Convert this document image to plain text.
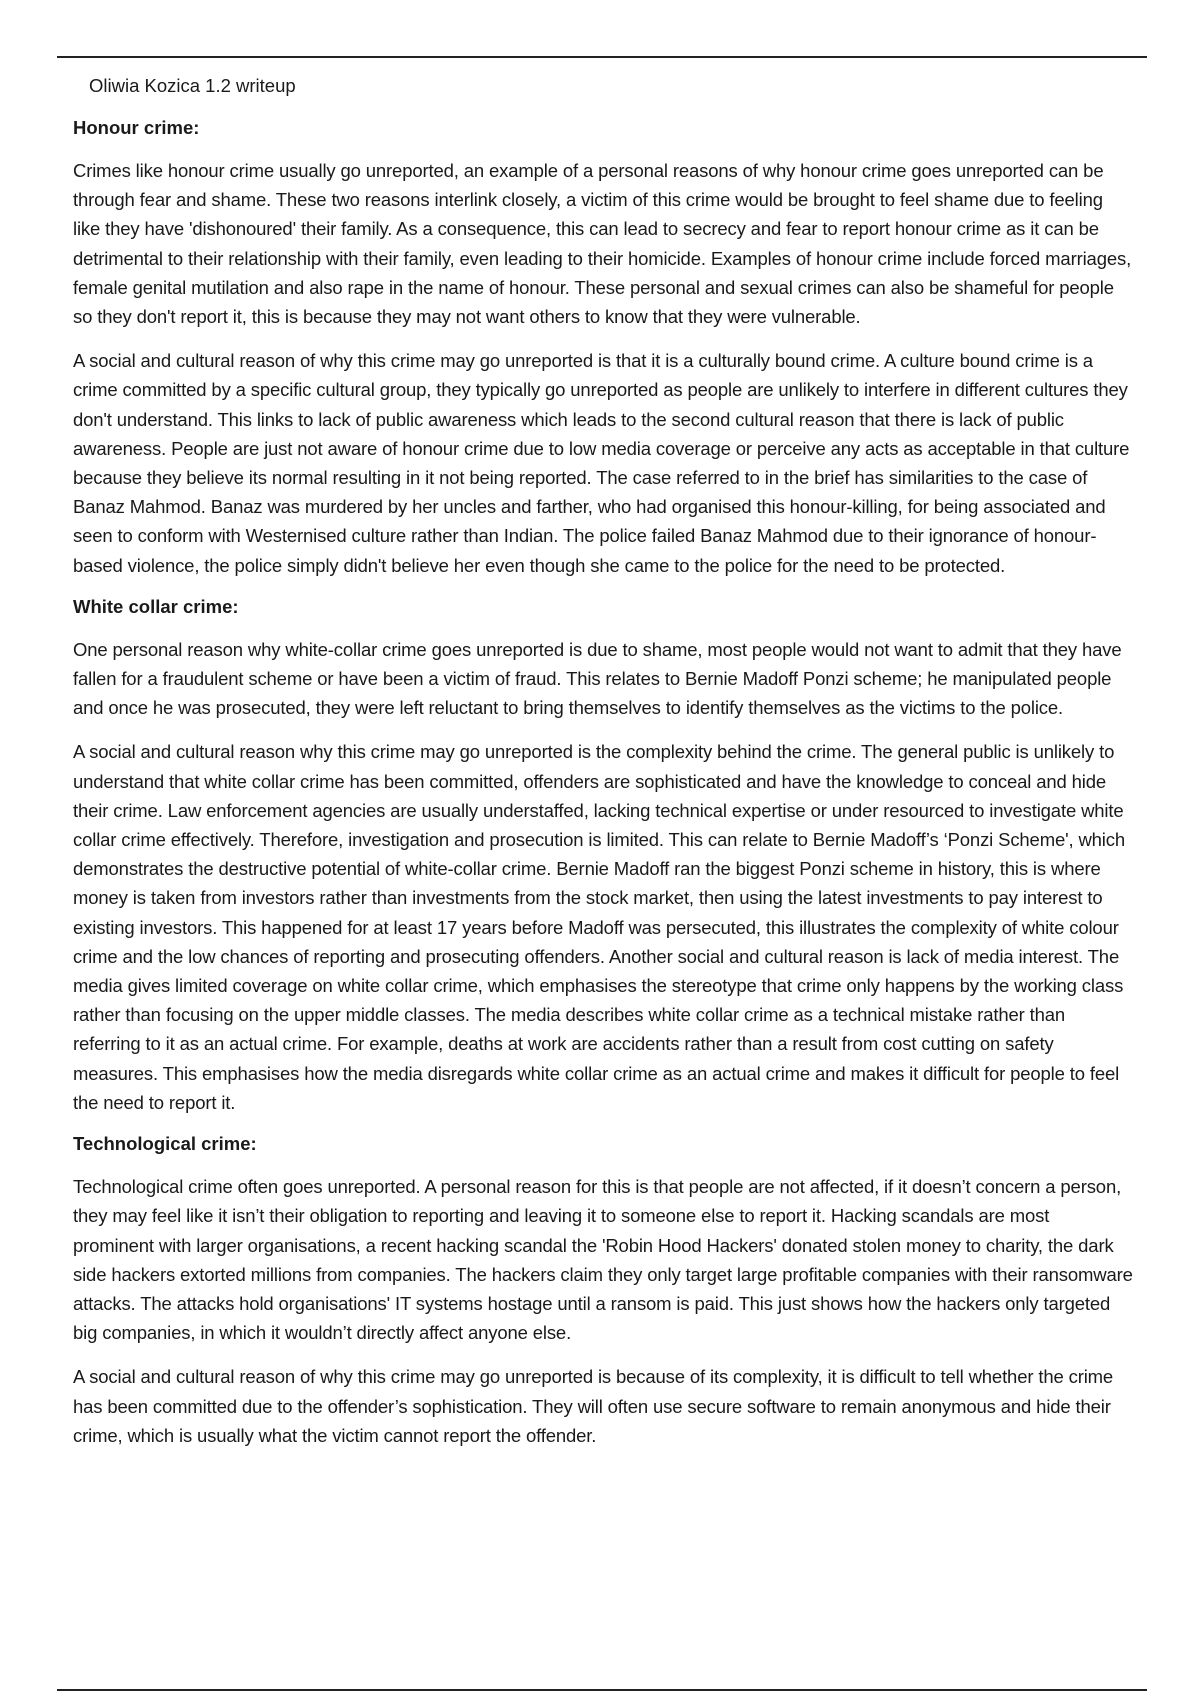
Oliwia Kozica 1.2 writeup
Honour crime:

Crimes like honour crime usually go unreported, an example of a personal reasons of why honour crime goes unreported can be through fear and shame. These two reasons interlink closely, a victim of this crime would be brought to feel shame due to feeling like they have 'dishonoured' their family. As a consequence, this can lead to secrecy and fear to report honour crime as it can be detrimental to their relationship with their family, even leading to their homicide. Examples of honour crime include forced marriages, female genital mutilation and also rape in the name of honour. These personal and sexual crimes can also be shameful for people so they don't report it, this is because they may not want others to know that they were vulnerable.

A social and cultural reason of why this crime may go unreported is that it is a culturally bound crime. A culture bound crime is a crime committed by a specific cultural group, they typically go unreported as people are unlikely to interfere in different cultures they don't understand. This links to lack of public awareness which leads to the second cultural reason that there is lack of public awareness. People are just not aware of honour crime due to low media coverage or perceive any acts as acceptable in that culture because they believe its normal resulting in it not being reported. The case referred to in the brief has similarities to the case of Banaz Mahmod. Banaz was murdered by her uncles and farther, who had organised this honour-killing, for being associated and seen to conform with Westernised culture rather than Indian. The police failed Banaz Mahmod due to their ignorance of honour-based violence, the police simply didn't believe her even though she came to the police for the need to be protected.

White collar crime:

One personal reason why white-collar crime goes unreported is due to shame, most people would not want to admit that they have fallen for a fraudulent scheme or have been a victim of fraud. This relates to Bernie Madoff Ponzi scheme; he manipulated people and once he was prosecuted, they were left reluctant to bring themselves to identify themselves as the victims to the police.

A social and cultural reason why this crime may go unreported is the complexity behind the crime. The general public is unlikely to understand that white collar crime has been committed, offenders are sophisticated and have the knowledge to conceal and hide their crime. Law enforcement agencies are usually understaffed, lacking technical expertise or under resourced to investigate white collar crime effectively. Therefore, investigation and prosecution is limited. This can relate to Bernie Madoff’s ‘Ponzi Scheme', which demonstrates the destructive potential of white-collar crime. Bernie Madoff ran the biggest Ponzi scheme in history, this is where money is taken from investors rather than investments from the stock market, then using the latest investments to pay interest to existing investors. This happened for at least 17 years before Madoff was persecuted, this illustrates the complexity of white colour crime and the low chances of reporting and prosecuting offenders. Another social and cultural reason is lack of media interest. The media gives limited coverage on white collar crime, which emphasises the stereotype that crime only happens by the working class rather than focusing on the upper middle classes. The media describes white collar crime as a technical mistake rather than referring to it as an actual crime. For example, deaths at work are accidents rather than a result from cost cutting on safety measures. This emphasises how the media disregards white collar crime as an actual crime and makes it difficult for people to feel the need to report it.

Technological crime:

Technological crime often goes unreported. A personal reason for this is that people are not affected, if it doesn’t concern a person, they may feel like it isn’t their obligation to reporting and leaving it to someone else to report it. Hacking scandals are most prominent with larger organisations, a recent hacking scandal the 'Robin Hood Hackers' donated stolen money to charity, the dark side hackers extorted millions from companies. The hackers claim they only target large profitable companies with their ransomware attacks. The attacks hold organisations' IT systems hostage until a ransom is paid. This just shows how the hackers only targeted big companies, in which it wouldn’t directly affect anyone else.

A social and cultural reason of why this crime may go unreported is because of its complexity, it is difficult to tell whether the crime has been committed due to the offender’s sophistication. They will often use secure software to remain anonymous and hide their crime, which is usually what the victim cannot report the offender.
